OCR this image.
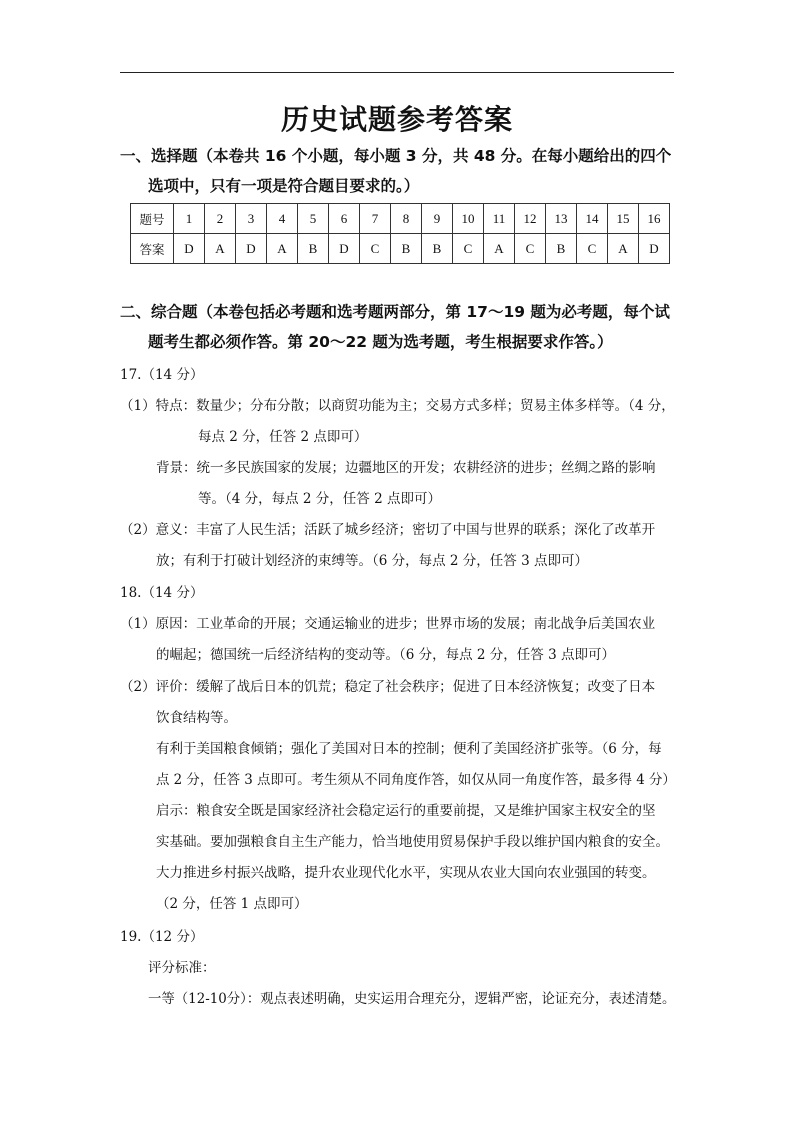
历史试题参考答案
一、选择题（本卷共 16 个小题，每小题 3 分，共 48 分。在每小题给出的四个
选项中，只有一项是符合题目要求的。）
题号	1	2	3	4	5	6	7	8	9	10	11	12	13	14	15	16
答案	D	A	D	A	B	D	C	B	B	C	A	C	B	C	A	D
二、综合题（本卷包括必考题和选考题两部分，第 17～19 题为必考题，每个试
题考生都必须作答。第 20～22 题为选考题，考生根据要求作答。）
17.（14 分）
（1）特点：数量少；分布分散；以商贸功能为主；交易方式多样；贸易主体多样等。（4 分，
每点 2 分，任答 2 点即可）
背景：统一多民族国家的发展；边疆地区的开发；农耕经济的进步；丝绸之路的影响
等。（4 分，每点 2 分，任答 2 点即可）
（2）意义：丰富了人民生活；活跃了城乡经济；密切了中国与世界的联系；深化了改革开
放；有利于打破计划经济的束缚等。（6 分，每点 2 分，任答 3 点即可）
18.（14 分）
（1）原因：工业革命的开展；交通运输业的进步；世界市场的发展；南北战争后美国农业
的崛起；德国统一后经济结构的变动等。（6 分，每点 2 分，任答 3 点即可）
（2）评价：缓解了战后日本的饥荒；稳定了社会秩序；促进了日本经济恢复；改变了日本
饮食结构等。
有利于美国粮食倾销；强化了美国对日本的控制；便利了美国经济扩张等。（6 分，每
点 2 分，任答 3 点即可。考生须从不同角度作答，如仅从同一角度作答，最多得 4 分）
启示：粮食安全既是国家经济社会稳定运行的重要前提，又是维护国家主权安全的坚
实基础。要加强粮食自主生产能力，恰当地使用贸易保护手段以维护国内粮食的安全。
大力推进乡村振兴战略，提升农业现代化水平，实现从农业大国向农业强国的转变。
（2 分，任答 1 点即可）
19.（12 分）
评分标准：
一等（12-10分）：观点表述明确，史实运用合理充分，逻辑严密，论证充分，表述清楚。
